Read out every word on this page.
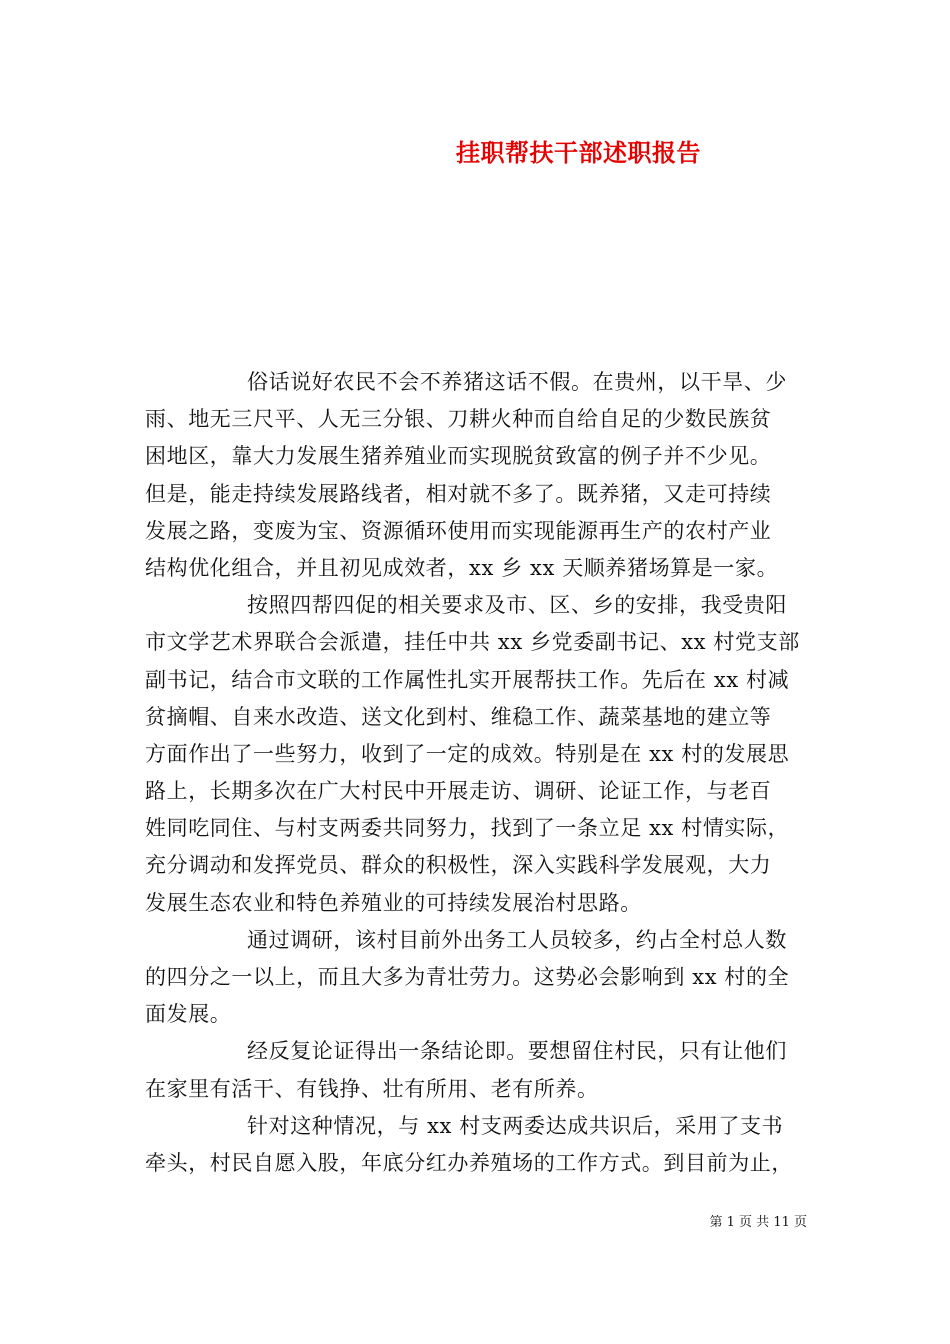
挂职帮扶干部述职报告
俗话说好农民不会不养猪这话不假。在贵州，以干旱、少
雨、地无三尺平、人无三分银、刀耕火种而自给自足的少数民族贫
困地区，靠大力发展生猪养殖业而实现脱贫致富的例子并不少见。
但是，能走持续发展路线者，相对就不多了。既养猪，又走可持续
发展之路，变废为宝、资源循环使用而实现能源再生产的农村产业
结构优化组合，并且初见成效者，xx 乡 xx 天顺养猪场算是一家。
按照四帮四促的相关要求及市、区、乡的安排，我受贵阳
市文学艺术界联合会派遣，挂任中共 xx 乡党委副书记、xx 村党支部
副书记，结合市文联的工作属性扎实开展帮扶工作。先后在 xx 村减
贫摘帽、自来水改造、送文化到村、维稳工作、蔬菜基地的建立等
方面作出了一些努力，收到了一定的成效。特别是在 xx 村的发展思
路上，长期多次在广大村民中开展走访、调研、论证工作，与老百
姓同吃同住、与村支两委共同努力，找到了一条立足 xx 村情实际，
充分调动和发挥党员、群众的积极性，深入实践科学发展观，大力
发展生态农业和特色养殖业的可持续发展治村思路。
通过调研，该村目前外出务工人员较多，约占全村总人数
的四分之一以上，而且大多为青壮劳力。这势必会影响到 xx 村的全
面发展。
经反复论证得出一条结论即。要想留住村民，只有让他们
在家里有活干、有钱挣、壮有所用、老有所养。
针对这种情况，与 xx 村支两委达成共识后，采用了支书
牵头，村民自愿入股，年底分红办养殖场的工作方式。到目前为止，
第 1 页 共 11 页
